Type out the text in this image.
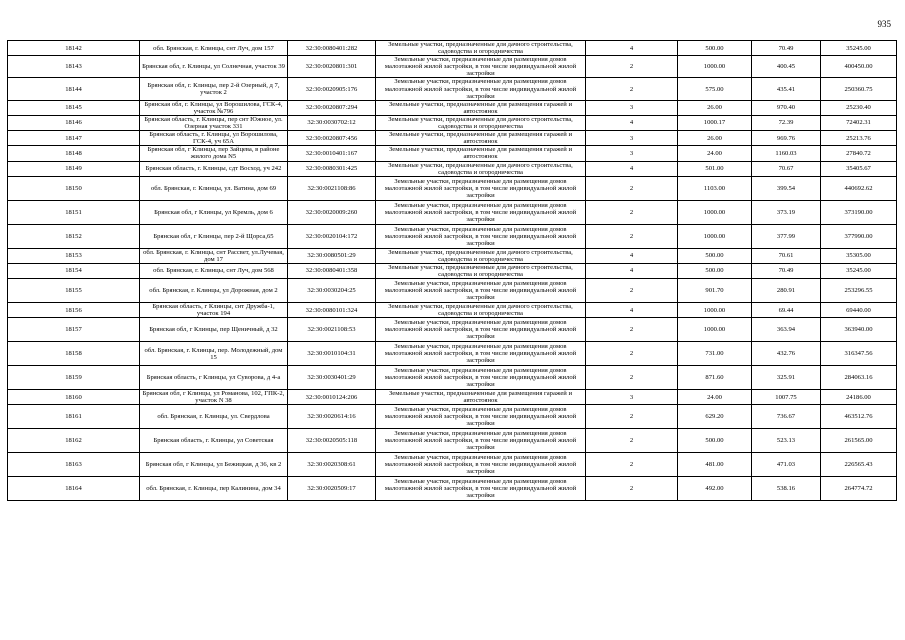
935
18142	обл. Брянская, г. Клинцы, снт Луч, дом 157	32:30:0080401:282	Земельные участки, предназначенные для дачного строительства, садоводства и огородничества	4	500.00	70.49	35245.00
18143	Брянская обл, г. Клинцы, ул Солнечная, участок 39	32:30:0020801:301	Земельные участки, предназначенные для размещения домов малоэтажной жилой застройки, в том числе индивидуальной жилой застройки	2	1000.00	400.45	400450.00
18144	Брянская обл, г. Клинцы, пер 2-й Озерный, д 7, участок 2	32:30:0020905:176	Земельные участки, предназначенные для размещения домов малоэтажной жилой застройки, в том числе индивидуальной жилой застройки	2	575.00	435.41	250360.75
18145	Брянская обл, г. Клинцы, ул Ворошилова, ГСК-4, участок №796	32:30:0020807:294	Земельные участки, предназначенные для размещения гаражей и автостоянок	3	26.00	970.40	25230.40
18146	Брянская область, г. Клинцы, пер снт Южное, ул. Озерная участок 331	32:30:0030702:12	Земельные участки, предназначенные для дачного строительства, садоводства и огородничества	4	1000.17	72.39	72402.31
18147	Брянская область, г. Клинцы, ул Ворошилова, ГСК-4, уч 65А	32:30:0020807:456	Земельные участки, предназначенные для размещения гаражей и автостоянок	3	26.00	969.76	25213.76
18148	Брянская обл, г Клинцы, пер Зайцева, в районе жилого дома N5	32:30:0010401:167	Земельные участки, предназначенные для размещения гаражей и автостоянок	3	24.00	1160.03	27840.72
18149	Брянская область, г. Клинцы, сдт Восход, уч 242	32:30:0080301:425	Земельные участки, предназначенные для дачного строительства, садоводства и огородничества	4	501.00	70.67	35405.67
18150	обл. Брянская, г. Клинцы, ул. Ватина, дом 69	32:30:0021108:86	Земельные участки, предназначенные для размещения домов малоэтажной жилой застройки, в том числе индивидуальной жилой застройки	2	1103.00	399.54	440692.62
18151	Брянская обл, г Клинцы, ул Кремль, дом 6	32:30:0020009:260	Земельные участки, предназначенные для размещения домов малоэтажной жилой застройки, в том числе индивидуальной жилой застройки	2	1000.00	373.19	373190.00
18152	Брянская обл, г Клинцы, пер 2-й Щорса,65	32:30:0020104:172	Земельные участки, предназначенные для размещения домов малоэтажной жилой застройки, в том числе индивидуальной жилой застройки	2	1000.00	377.99	377990.00
18153	обл. Брянская, г. Клинцы, снт Рассвет, ул.Лучевая, дом 17	32:30:0080501:29	Земельные участки, предназначенные для дачного строительства, садоводства и огородничества	4	500.00	70.61	35305.00
18154	обл. Брянская, г. Клинцы, снт Луч, дом 568	32:30:0080401:358	Земельные участки, предназначенные для дачного строительства, садоводства и огородничества	4	500.00	70.49	35245.00
18155	обл. Брянская, г. Клинцы, ул Дорожная, дом 2	32:30:0030204:25	Земельные участки, предназначенные для размещения домов малоэтажной жилой застройки, в том числе индивидуальной жилой застройки	2	901.70	280.91	253296.55
18156	Брянская область, г Клинцы, снт Дружба-1, участок 194	32:30:0080101:324	Земельные участки, предназначенные для дачного строительства, садоводства и огородничества	4	1000.00	69.44	69440.00
18157	Брянская обл, г Клинцы, пер Щеничный, д 32	32:30:0021108:53	Земельные участки, предназначенные для размещения домов малоэтажной жилой застройки, в том числе индивидуальной жилой застройки	2	1000.00	363.94	363940.00
18158	обл. Брянская, г. Клинцы, пер. Молодежный, дом 15	32:30:0010104:31	Земельные участки, предназначенные для размещения домов малоэтажной жилой застройки, в том числе индивидуальной жилой застройки	2	731.00	432.76	316347.56
18159	Брянская область, г Клинцы, ул Суворова, д 4-а	32:30:0030401:29	Земельные участки, предназначенные для размещения домов малоэтажной жилой застройки, в том числе индивидуальной жилой застройки	2	871.60	325.91	284063.16
18160	Брянская обл, г Клинцы, ул Романова, 102, ГПК-2, участок N 38	32:30:0010124:206	Земельные участки, предназначенные для размещения гаражей и автостоянок	3	24.00	1007.75	24186.00
18161	обл. Брянская, г. Клинцы, ул. Свердлова	32:30:0020614:16	Земельные участки, предназначенные для размещения домов малоэтажной жилой застройки, в том числе индивидуальной жилой застройки	2	629.20	736.67	463512.76
18162	Брянская область, г. Клинцы, ул Советская	32:30:0020505:118	Земельные участки, предназначенные для размещения домов малоэтажной жилой застройки, в том числе индивидуальной жилой застройки	2	500.00	523.13	261565.00
18163	Брянская обл, г Клинцы, ул Бежицкая, д 36, кв 2	32:30:0020308:61	Земельные участки, предназначенные для размещения домов малоэтажной жилой застройки, в том числе индивидуальной жилой застройки	2	481.00	471.03	226565.43
18164	обл. Брянская, г. Клинцы, пер Калинина, дом 34	32:30:0020509:17	Земельные участки, предназначенные для размещения домов малоэтажной жилой застройки, в том числе индивидуальной жилой застройки	2	492.00	538.16	264774.72
